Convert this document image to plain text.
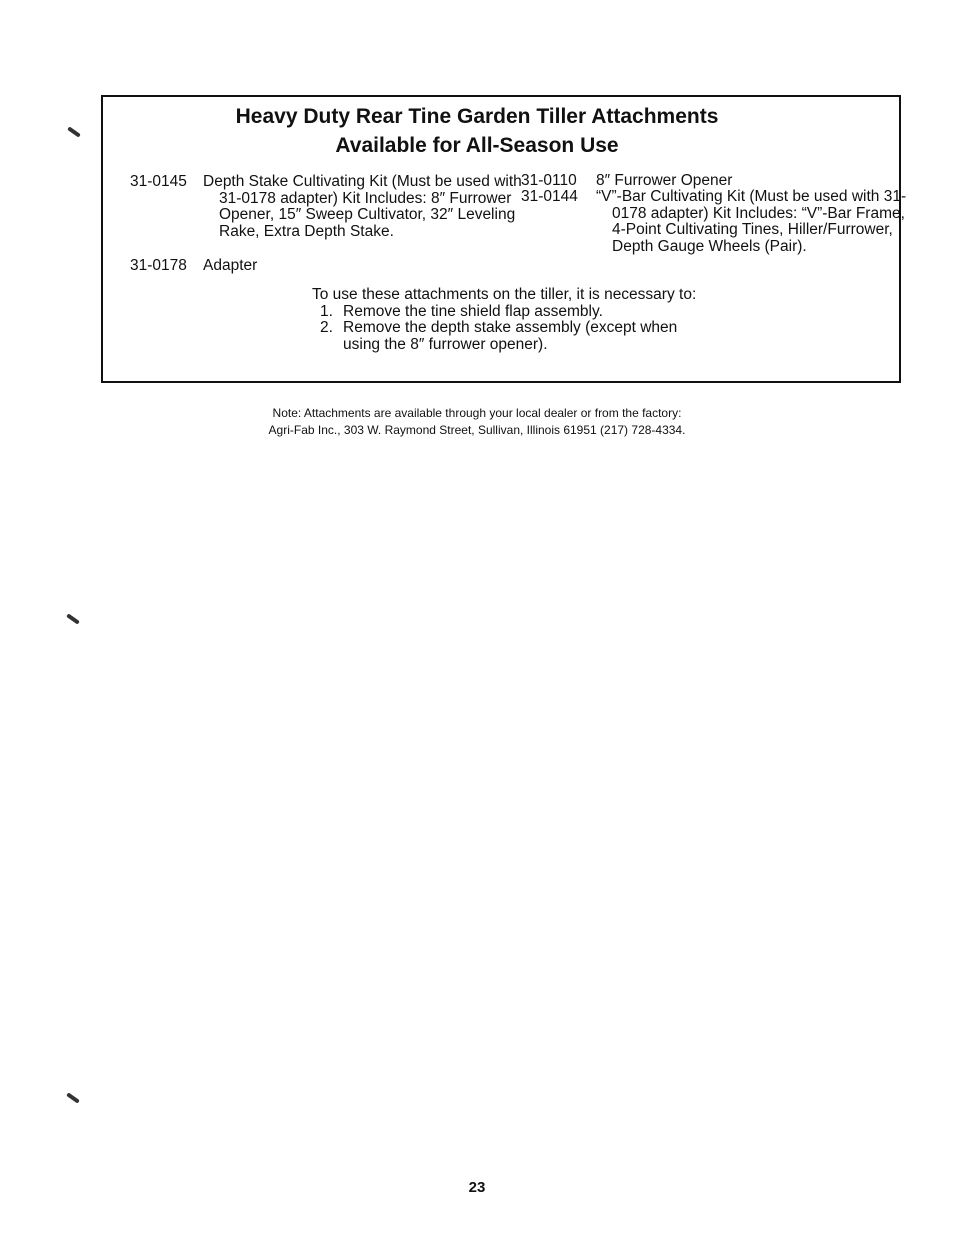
Heavy Duty Rear Tine Garden Tiller Attachments
Available for All-Season Use
31-0145 Depth Stake Cultivating Kit (Must be used with 31-0178 adapter) Kit Includes: 8″ Furrower Opener, 15″ Sweep Cultivator, 32″ Leveling Rake, Extra Depth Stake.
31-0178 Adapter
31-0110 8″ Furrower Opener
31-0144 “V”-Bar Cultivating Kit (Must be used with 31-0178 adapter) Kit Includes: “V”-Bar Frame, 4-Point Cultivating Tines, Hiller/Furrower, Depth Gauge Wheels (Pair).

To use these attachments on the tiller, it is necessary to:

1. Remove the tine shield flap assembly.
2. Remove the depth stake assembly (except when using the 8″ furrower opener).
Note: Attachments are available through your local dealer or from the factory:
Agri-Fab Inc., 303 W. Raymond Street, Sullivan, Illinois 61951 (217) 728-4334.
23
